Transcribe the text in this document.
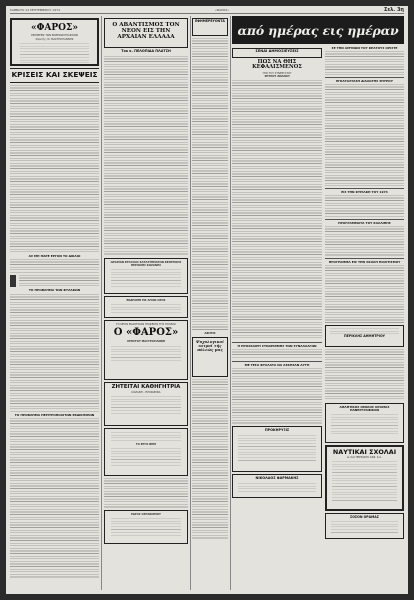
ΣΑΒΒΑΤΟ 14 ΣΕΠΤΕΜΒΡΙΟΥ 1974	«ΦΑΡΟΣ»	Σελ. 3η
«ΦΑΡΟΣ»
ΕΦΗΜΕΡΙΣ ΤΩΝ ΒΟΡΕΙΩΝ ΕΠΑΡΧΙΩΝ
Ιδρυτής: Ν. ΜΑΣΤΡΟΓΙΑΝΝΗΣ
ΚΡΙΣΕΙΣ ΚΑΙ ΣΚΕΨΕΙΣ
ΑΣ ΜΗ ΠΑΡΕ ΕΡΓΟΝ ΤΟ ΔΙΚΑΙΟ
ΤΟ ΠΡΟΒΛΗΜΑ ΤΩΝ ΦΥΛΑΚΩΝ
ΤΟ ΠΡΟΒΛΗΜΑ ΠΕΡΙΤΡΟΠΟΛΙΤΩΝ ΕΚΔΙΚΗΣΕΩΝ
Ο ΑΒΑΝΤΙΣΜΟΣ ΤΟΝ ΝΕΟΝ ΕΙΣ ΤΗΝ ΑΡΧΑΙΑΝ ΕΛΛΑΔΑ
Του κ. ΠΕΛΟΠΙΔΑ ΠΛΑΤΣΗ
ΩΡΑΡΙΟΝ ΕΡΓΑΣΙΑΣ ΚΑΤΑΣΤΗΜΑΤΩΝ ΚΕΝΤΡΙΚΗΣ ΠΕΡΙΟΧΗΣ ΚΟΖΑΝΗΣ
ΕΚΔΡΟΜΗ ΕΙΣ ΑΓΙΟΝ ΟΡΟΣ
ΤΟ ΝΕΟΝ ΕΚΔΟΤΙΚΟΝ ΓΡΑΦΕΙΟΝ ΤΗΣ ΠΟΛΕΩΣ
Ο «ΦΑΡΟΣ»
ΧΡΗΣΤΟΥ ΜΑΣΤΡΟΓΙΑΝΝΗ
ΖΗΤΕΙΤΑΙ ΚΑΘΗΓΗΤΡΙΑ
ΚΟΖΑΝΗ - ΠΡΟΣΩΡΙΝΑ
ΤΟ ΕΡΓΟ ΒΙΠΕ
ΕΔΡΑΣ ΟΡΓΑΝΙΣΜΟΥ
ΕΦΗΜΕΡΕΥΟΝΤΑ
ΑΦΙΞΕΙΣ
Ψυχολογικοί ιατροί τής πόλεώς μας
από ημέρας εις ημέραν
ΣΕΝΑΙ ΔΗΜΟΣΙΕΥΣΕΙΣ
ΠΩΣ ΝΑ ΘΗΣ ΚΕΦΑΛΙΣΜΕΝΟΣ
ΥΠΟ ΤΟΥ ΣΥΝΕΡΓΑΤΟΥ
ΣΠΥΡΟΥ ΖΩΛΑΚΗ
Η ΠΡΟΣΚΑΙΡΗ ΣΥΝΑΡΙΘΜΗΣ ΤΩΝ ΣΥΝΑΛΛΑΓΩΝ
ΜΕ ΤΕΣΑ ΦΥΛΛΑΤΑ ΝΑ ΑΣΚΗΣΑΝ ΑΥΤΗ
ΠΡΟΚΗΡΥΞΙΣ
ΝΙΚΟΛΑΟΣ ΦΑΡΜΑΚΗΣ
ΣΕ ΤΗΝ ΑΜΥΝΩΝ ΤΟΥ ΚΡΑΤΟΥΣ ΟΡΙΣΤΕ
ΕΓΚΑΤΑΣΤΑΣΗ ΔΙΑΛΟΓΗΣ ΣΠΥΡΟΥ
ΕΙΣ ΤΗΝ ΚΥΡΙΑΚΗ ΤΟΥ 1974
ΠΡΟΓΡΑΜΜΑΤΑ ΤΟΥ ΚΑΛΛΙΠΗΣ
ΠΡΟΓΡΑΜΜΑ ΕΙΣ ΤΗΝ ΣΧΟΛΗ ΠΟΛΙΤΙΣΜΟΥ
ΠΕΡΙΚΛΗΣ ΔΗΜΗΤΡΙΟΥ
ΑΘΛΗΤΙΚΟΣ ΟΜΙΛΟΣ ΟΡΑΜΑΣ ΠΑΝΕΡΓΡΑΦΙΚΟΝ
ΝΑΥΤΙΚΑΙ ΣΧΟΛΑΙ
Δ. ΚΑΙ ΠΕΡΙΟΧΗΣ ΑΣΦ. Σ.Α.
ΣΟΣΟΝ ΟΡΑΜΑΣ
